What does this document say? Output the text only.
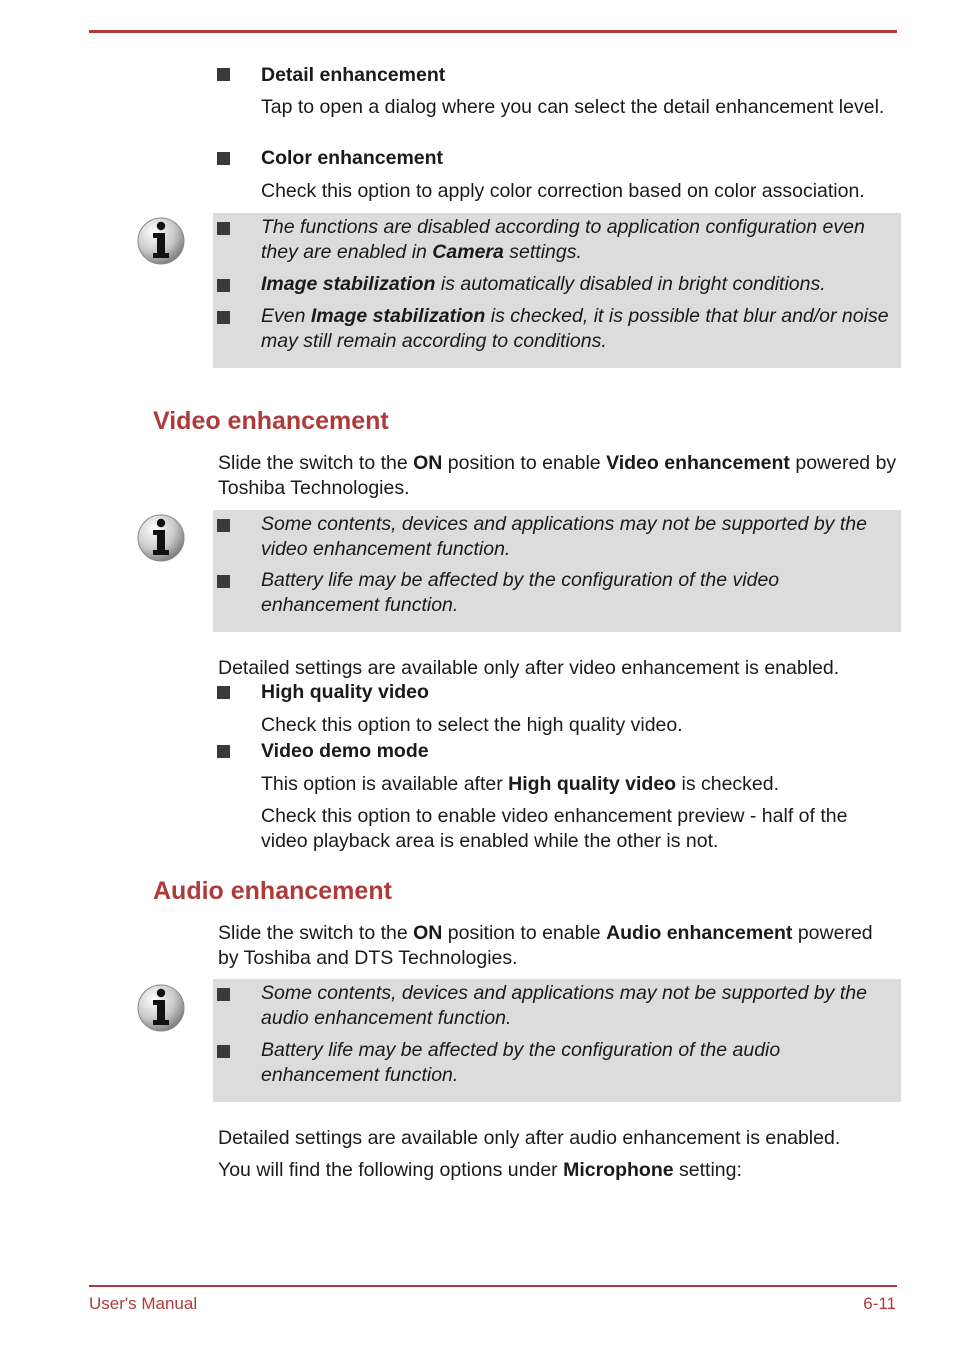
Detail enhancement
Tap to open a dialog where you can select the detail enhancement level.
Color enhancement
Check this option to apply color correction based on color association.
The functions are disabled according to application configuration even they are enabled in Camera settings.
Image stabilization is automatically disabled in bright conditions.
Even Image stabilization is checked, it is possible that blur and/or noise may still remain according to conditions.
Video enhancement
Slide the switch to the ON position to enable Video enhancement powered by Toshiba Technologies.
Some contents, devices and applications may not be supported by the video enhancement function.
Battery life may be affected by the configuration of the video enhancement function.
Detailed settings are available only after video enhancement is enabled.
High quality video
Check this option to select the high quality video.
Video demo mode
This option is available after High quality video is checked.
Check this option to enable video enhancement preview - half of the video playback area is enabled while the other is not.
Audio enhancement
Slide the switch to the ON position to enable Audio enhancement powered by Toshiba and DTS Technologies.
Some contents, devices and applications may not be supported by the audio enhancement function.
Battery life may be affected by the configuration of the audio enhancement function.
Detailed settings are available only after audio enhancement is enabled.
You will find the following options under Microphone setting:
User's Manual	6-11
